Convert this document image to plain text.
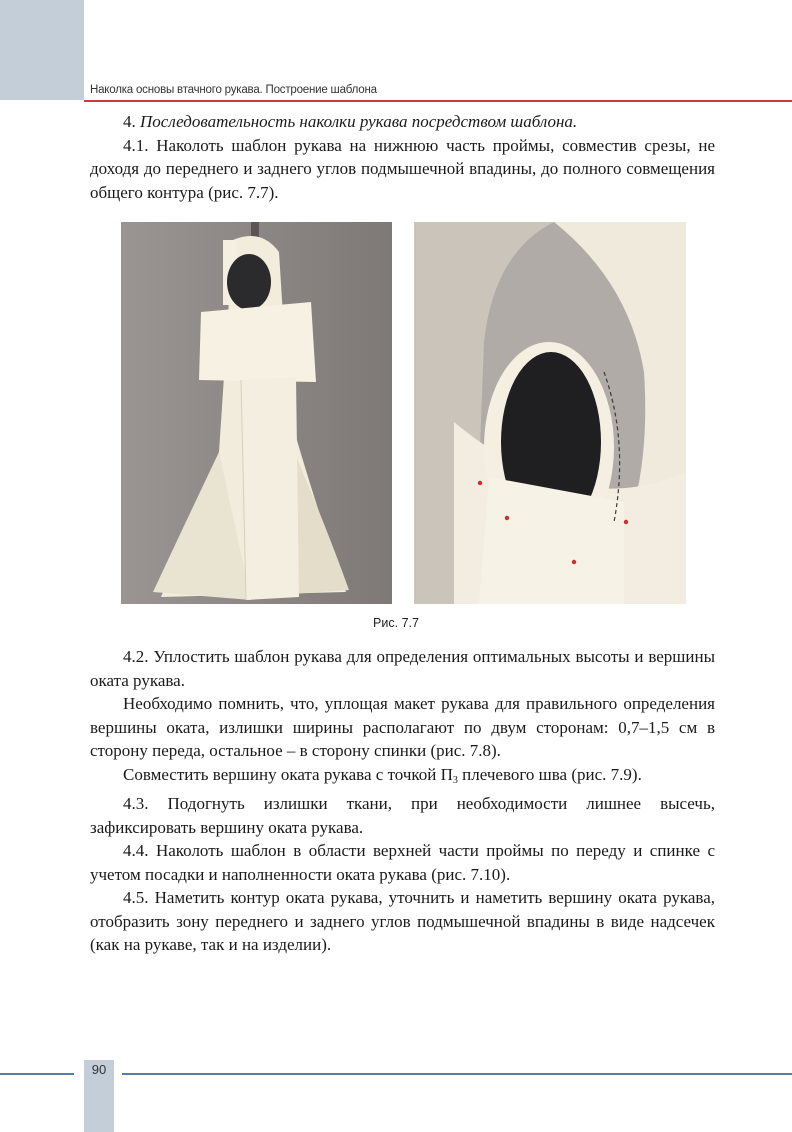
Наколка основы втачного рукава. Построение шаблона

4. Последовательность наколки рукава посредством шаблона.

4.1. Наколоть шаблон рукава на нижнюю часть проймы, совместив срезы, не доходя до переднего и заднего углов подмышечной впадины, до полного совмещения общего контура (рис. 7.7).

Рис. 7.7

4.2. Уплостить шаблон рукава для определения оптимальных высоты и вершины оката рукава.

Необходимо помнить, что, уплощая макет рукава для правильного определения вершины оката, излишки ширины располагают по двум сторонам: 0,7–1,5 см в сторону переда, остальное – в сторону спинки (рис. 7.8).

Совместить вершину оката рукава с точкой $П_3$ плечевого шва (рис. 7.9).

4.3. Подогнуть излишки ткани, при необходимости лишнее высечь, зафиксировать вершину оката рукава.

4.4. Наколоть шаблон в области верхней части проймы по переду и спинке с учетом посадки и наполненности оката рукава (рис. 7.10).

4.5. Наметить контур оката рукава, уточнить и наметить вершину оката рукава, отобразить зону переднего и заднего углов подмышечной впадины в виде надсечек (как на рукаве, так и на изделии).

90
